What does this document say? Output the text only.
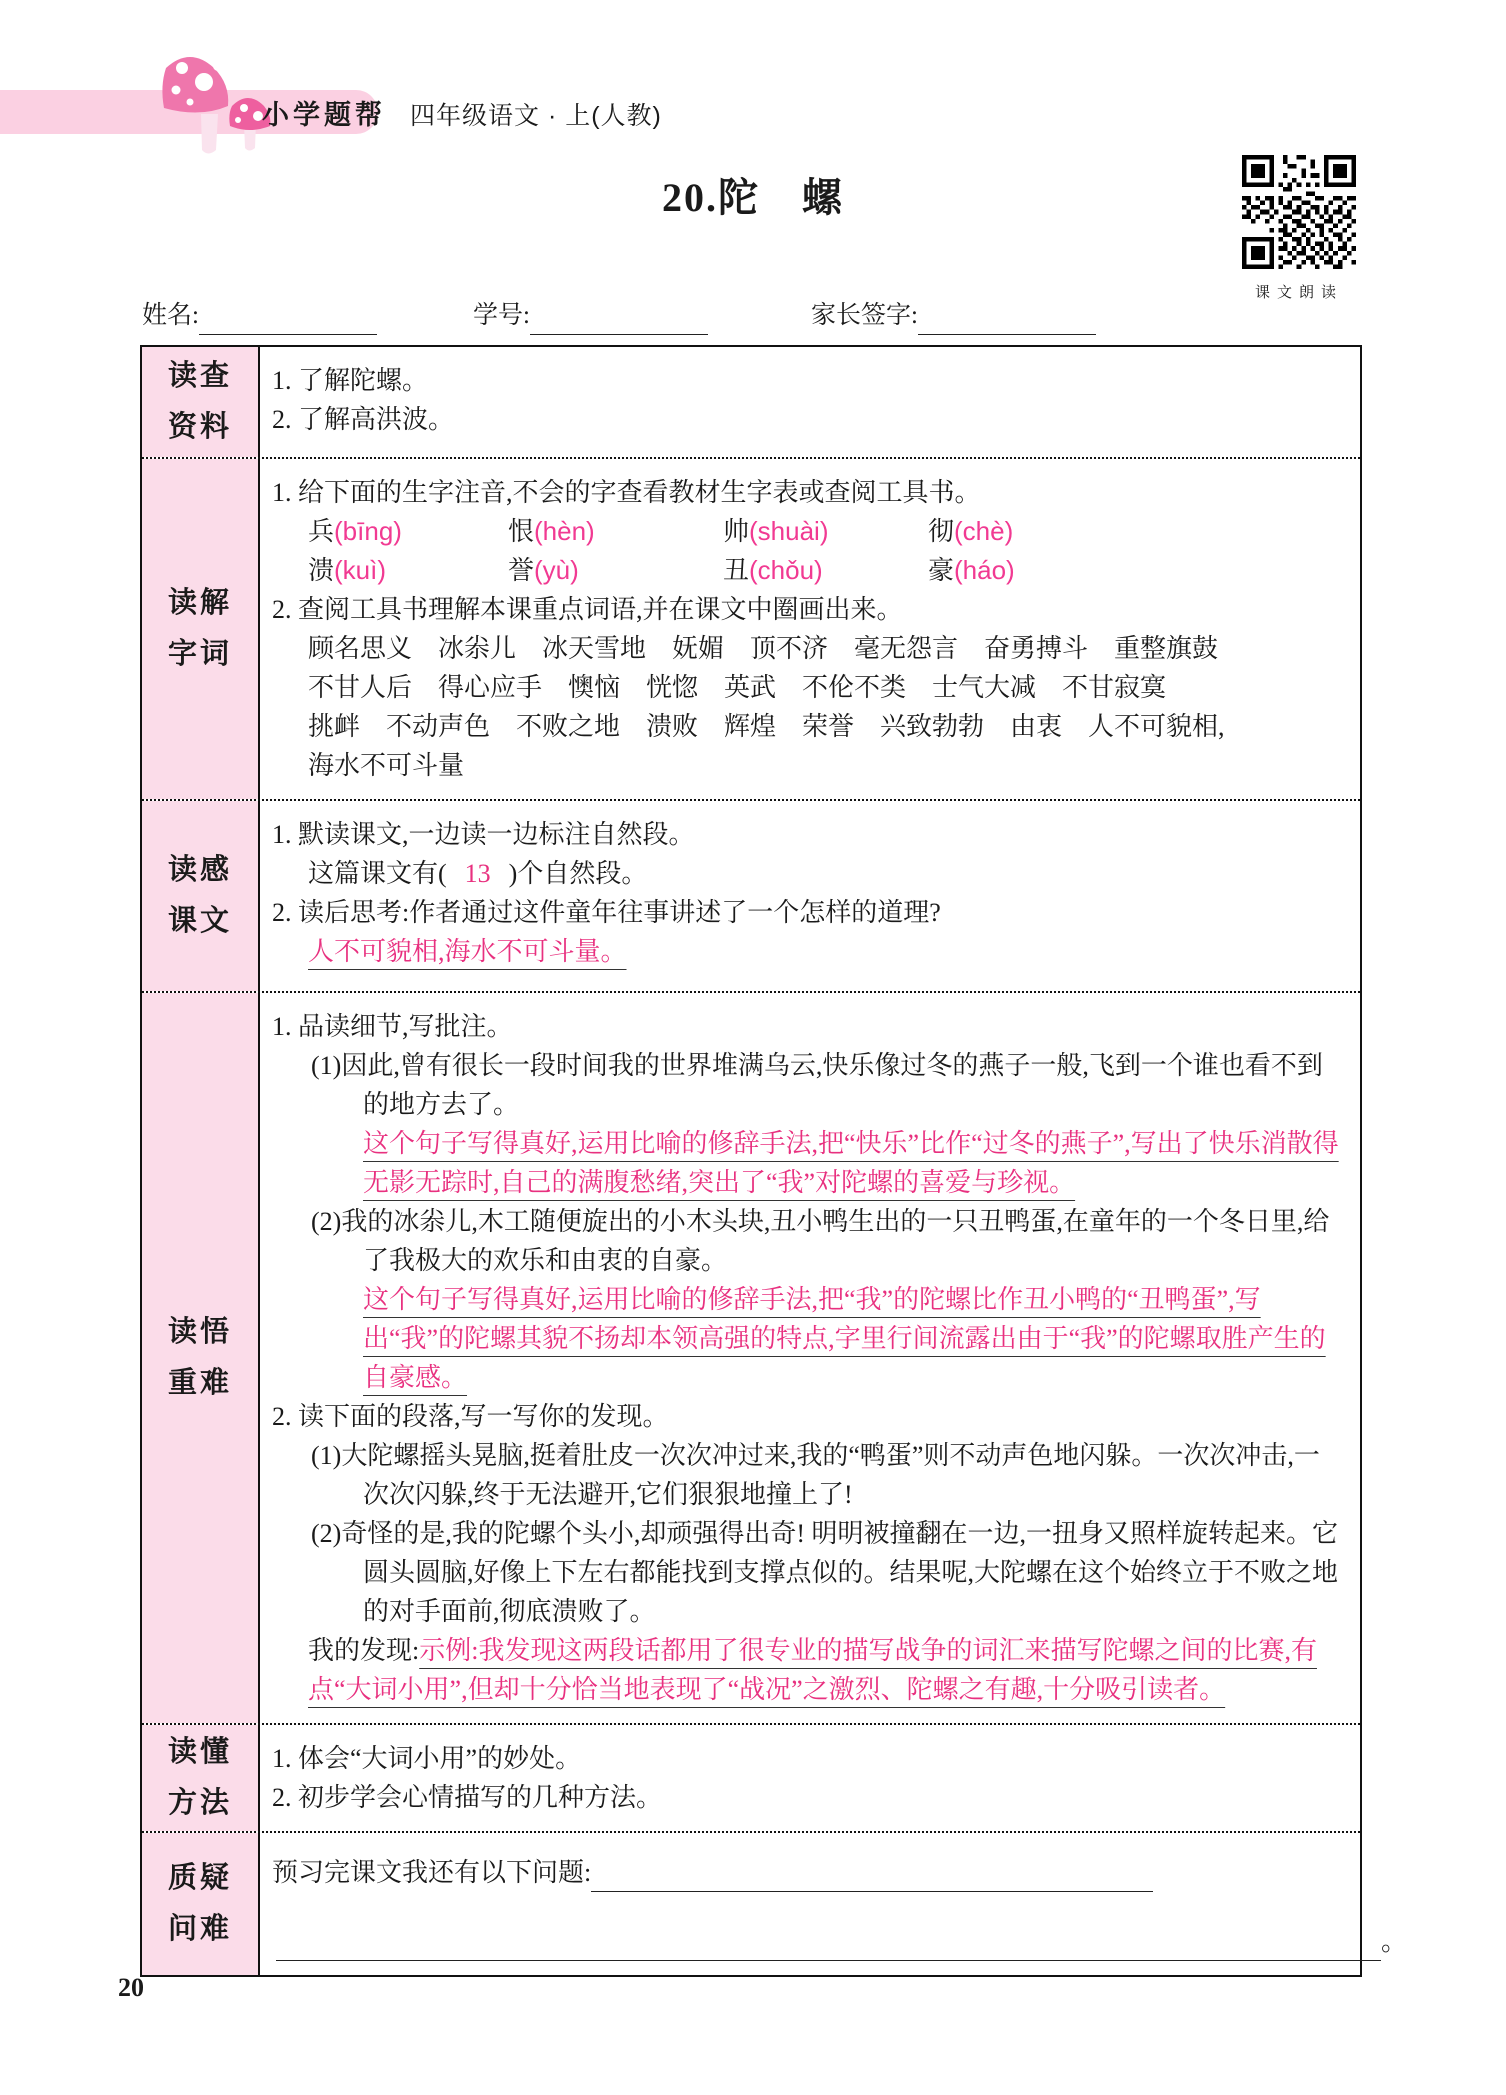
小学题帮 四年级语文 · 上(人教)
20.陀　螺
课文朗读
姓名:	学号:	家长签字:
读查
资料
1. 了解陀螺。
2. 了解高洪波。
读解
字词
1. 给下面的生字注音,不会的字查看教材生字表或查阅工具书。
兵(bīng)	恨(hèn)	帅(shuài)	彻(chè)
溃(kuì)	誉(yù)	丑(chǒu)	豪(háo)
2. 查阅工具书理解本课重点词语,并在课文中圈画出来。
顾名思义　冰尜儿　冰天雪地　妩媚　顶不济　毫无怨言　奋勇搏斗　重整旗鼓
不甘人后　得心应手　懊恼　恍惚　英武　不伦不类　士气大减　不甘寂寞
挑衅　不动声色　不败之地　溃败　辉煌　荣誉　兴致勃勃　由衷　人不可貌相,
海水不可斗量
读感
课文
1. 默读课文,一边读一边标注自然段。
这篇课文有( 13 )个自然段。
2. 读后思考:作者通过这件童年往事讲述了一个怎样的道理?
人不可貌相,海水不可斗量。
读悟
重难
1. 品读细节,写批注。
(1)因此,曾有很长一段时间我的世界堆满乌云,快乐像过冬的燕子一般,飞到一个谁也看不到的地方去了。
这个句子写得真好,运用比喻的修辞手法,把“快乐”比作“过冬的燕子”,写出了快乐消散得无影无踪时,自己的满腹愁绪,突出了“我”对陀螺的喜爱与珍视。
(2)我的冰尜儿,木工随便旋出的小木头块,丑小鸭生出的一只丑鸭蛋,在童年的一个冬日里,给了我极大的欢乐和由衷的自豪。
这个句子写得真好,运用比喻的修辞手法,把“我”的陀螺比作丑小鸭的“丑鸭蛋”,写出“我”的陀螺其貌不扬却本领高强的特点,字里行间流露出由于“我”的陀螺取胜产生的自豪感。
2. 读下面的段落,写一写你的发现。
(1)大陀螺摇头晃脑,挺着肚皮一次次冲过来,我的“鸭蛋”则不动声色地闪躲。一次次冲击,一次次闪躲,终于无法避开,它们狠狠地撞上了!
(2)奇怪的是,我的陀螺个头小,却顽强得出奇! 明明被撞翻在一边,一扭身又照样旋转起来。它圆头圆脑,好像上下左右都能找到支撑点似的。结果呢,大陀螺在这个始终立于不败之地的对手面前,彻底溃败了。
我的发现:示例:我发现这两段话都用了很专业的描写战争的词汇来描写陀螺之间的比赛,有点“大词小用”,但却十分恰当地表现了“战况”之激烈、陀螺之有趣,十分吸引读者。
读懂
方法
1. 体会“大词小用”的妙处。
2. 初步学会心情描写的几种方法。
质疑
问难
预习完课文我还有以下问题:
。
20
